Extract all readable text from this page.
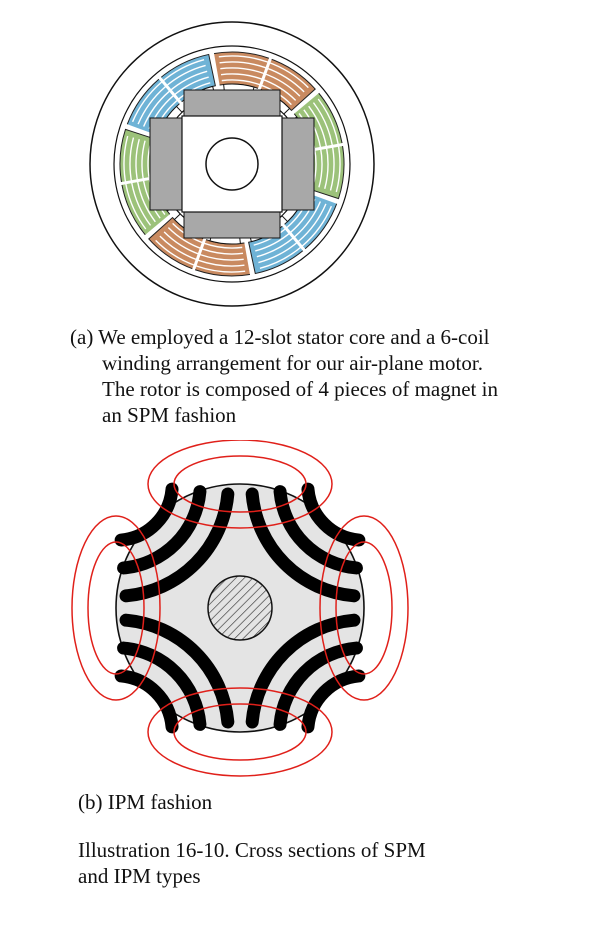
(a) We employed a 12-slot stator core and a 6-coil
winding arrangement for our air-plane motor.
The rotor is composed of 4 pieces of magnet in
an SPM fashion

(b) IPM fashion

Illustration 16-10. Cross sections of SPM
and IPM types
